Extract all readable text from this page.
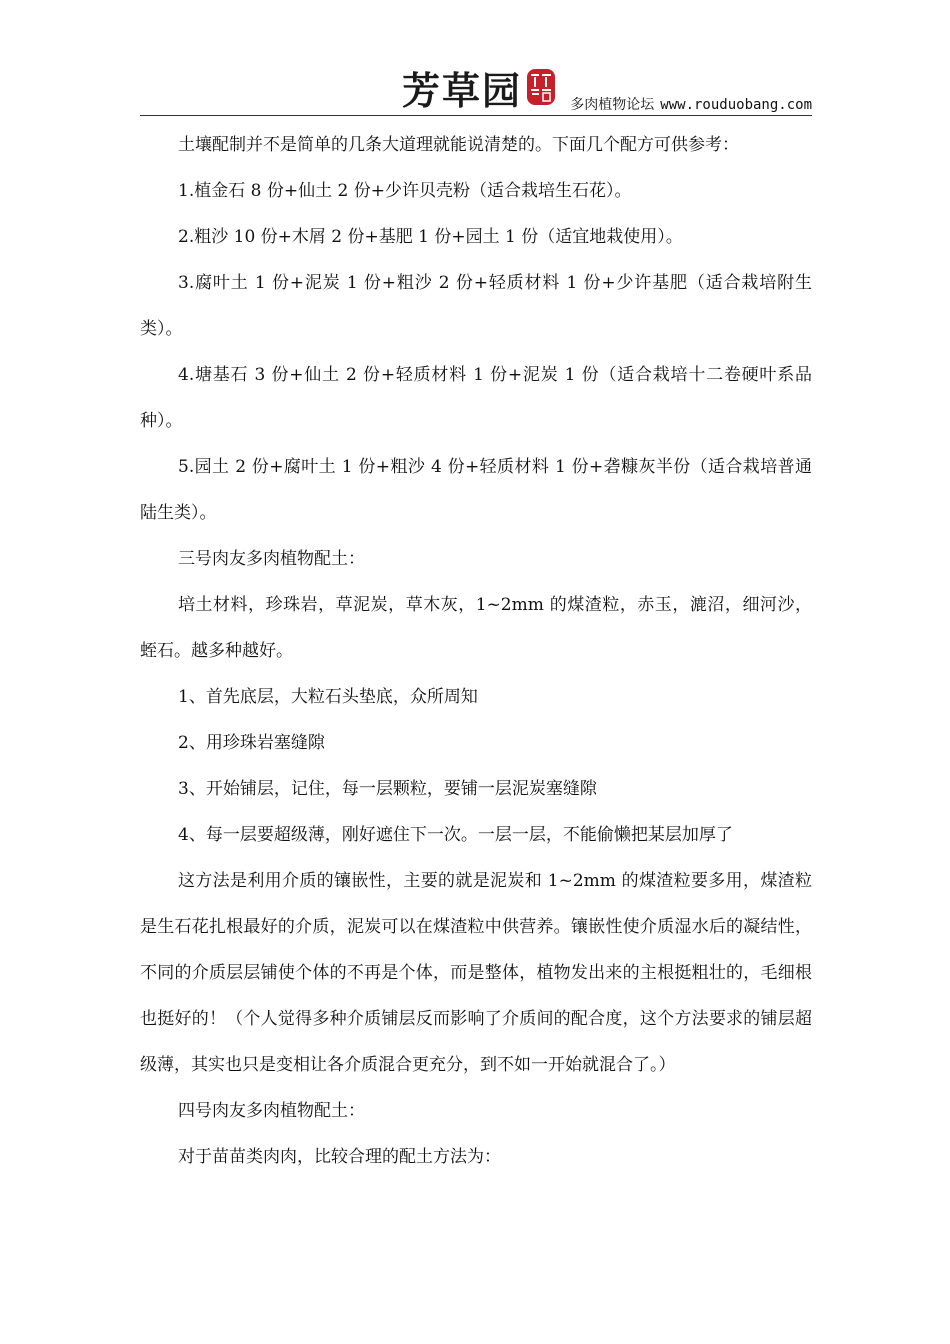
芳草园	多肉植物论坛 www.rouduobang.com

土壤配制并不是简单的几条大道理就能说清楚的。下面几个配方可供参考：

1.植金石 8 份+仙土 2 份+少许贝壳粉（适合栽培生石花）。

2.粗沙 10 份+木屑 2 份+基肥 1 份+园土 1 份（适宜地栽使用）。

3.腐叶土 1 份+泥炭 1 份+粗沙 2 份+轻质材料 1 份+少许基肥（适合栽培附生类）。

4.塘基石 3 份+仙土 2 份+轻质材料 1 份+泥炭 1 份（适合栽培十二卷硬叶系品种）。

5.园土 2 份+腐叶土 1 份+粗沙 4 份+轻质材料 1 份+砻糠灰半份（适合栽培普通陆生类）。

三号肉友多肉植物配土：

培土材料，珍珠岩，草泥炭，草木灰，1~2mm 的煤渣粒，赤玉，漉沼，细河沙，蛭石。越多种越好。

1、首先底层，大粒石头垫底，众所周知

2、用珍珠岩塞缝隙

3、开始铺层，记住，每一层颗粒，要铺一层泥炭塞缝隙

4、每一层要超级薄，刚好遮住下一次。一层一层，不能偷懒把某层加厚了

这方法是利用介质的镶嵌性，主要的就是泥炭和 1~2mm 的煤渣粒要多用，煤渣粒是生石花扎根最好的介质，泥炭可以在煤渣粒中供营养。镶嵌性使介质湿水后的凝结性，不同的介质层层铺使个体的不再是个体，而是整体，植物发出来的主根挺粗壮的，毛细根也挺好的！（个人觉得多种介质铺层反而影响了介质间的配合度，这个方法要求的铺层超级薄，其实也只是变相让各介质混合更充分，到不如一开始就混合了。）

四号肉友多肉植物配土：

对于苗苗类肉肉，比较合理的配土方法为：
